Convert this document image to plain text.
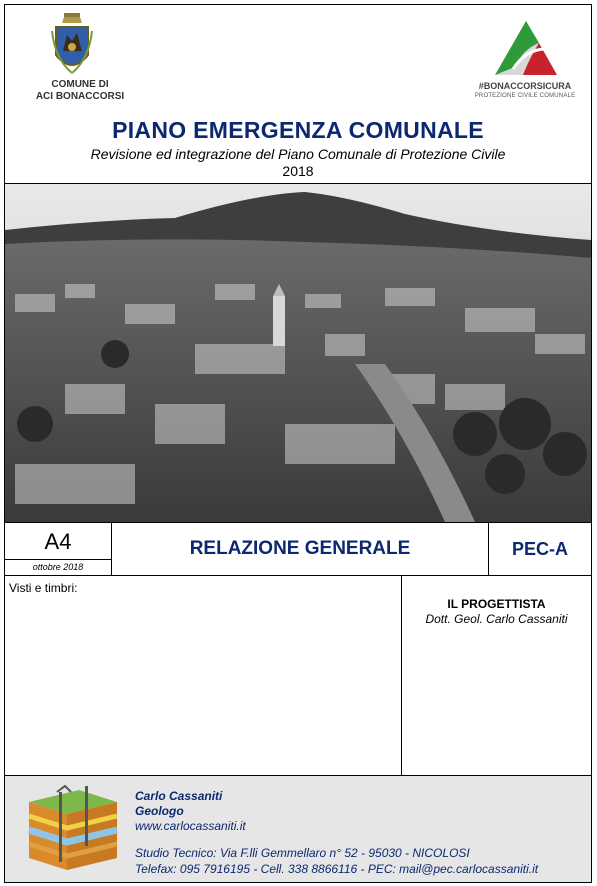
COMUNE DI
ACI BONACCORSI
#BONACCORSICURA
PROTEZIONE CIVILE COMUNALE
PIANO EMERGENZA COMUNALE
Revisione ed integrazione del Piano Comunale di Protezione Civile
2018
A4
ottobre 2018
RELAZIONE GENERALE	PEC-A
Visti e timbri:
IL PROGETTISTA
Dott. Geol. Carlo Cassaniti
Carlo Cassaniti
Geologo
www.carlocassaniti.it
Studio Tecnico: Via F.lli Gemmellaro n° 52 - 95030 - NICOLOSI
Telefax: 095 7916195 - Cell. 338 8866116 - PEC: mail@pec.carlocassaniti.it
